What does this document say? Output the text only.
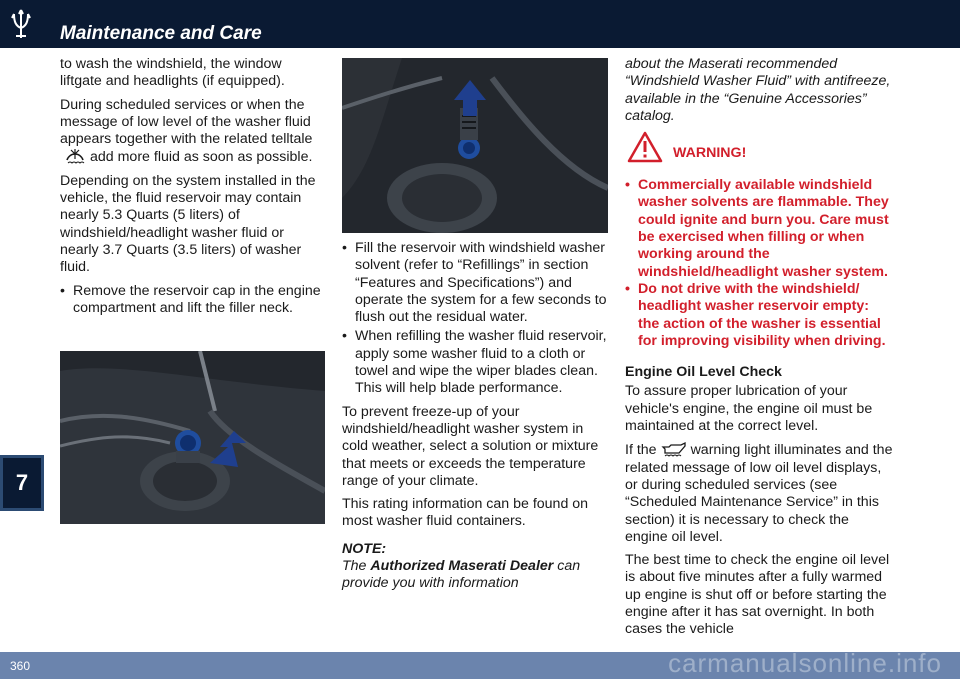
Maintenance and Care
7

to wash the windshield, the window liftgate and headlights (if equipped).

During scheduled services or when the message of low level of the washer fluid appears together with the related telltaleadd more fluid as soon as possible.

Depending on the system installed in the vehicle, the fluid reservoir may contain nearly 5.3 Quarts (5 liters) of windshield/headlight washer fluid or nearly 3.7 Quarts (3.5 liters) of washer fluid.

• Remove the reservoir cap in the engine compartment and lift the filler neck.
• Fill the reservoir with windshield washer solvent (refer to “Refillings” in section “Features and Specifications”) and operate the system for a few seconds to flush out the residual water.
• When refilling the washer fluid reservoir, apply some washer fluid to a cloth or towel and wipe the wiper blades clean. This will help blade performance.

To prevent freeze-up of your windshield/headlight washer system in cold weather, select a solution or mixture that meets or exceeds the temperature range of your climate.

This rating information can be found on most washer fluid containers.

NOTE:
The Authorized Maserati Dealer can provide you with information

about the Maserati recommended “Windshield Washer Fluid” with antifreeze, available in the “Genuine Accessories” catalog.

WARNING!
• Commercially available windshield washer solvents are flammable. They could ignite and burn you. Care must be exercised when filling or when working around the windshield/headlight washer system.
• Do not drive with the windshield/ headlight washer reservoir empty: the action of the washer is essential for improving visibility when driving.
Engine Oil Level Check

To assure proper lubrication of your vehicle's engine, the engine oil must be maintained at the correct level.

If the warning light illuminates and the related message of low oil level displays, or during scheduled services (see “Scheduled Maintenance Service” in this section) it is necessary to check the engine oil level.

The best time to check the engine oil level is about five minutes after a fully warmed up engine is shut off or before starting the engine after it has sat overnight. In both cases the vehicle

360	carmanualsonline.info
